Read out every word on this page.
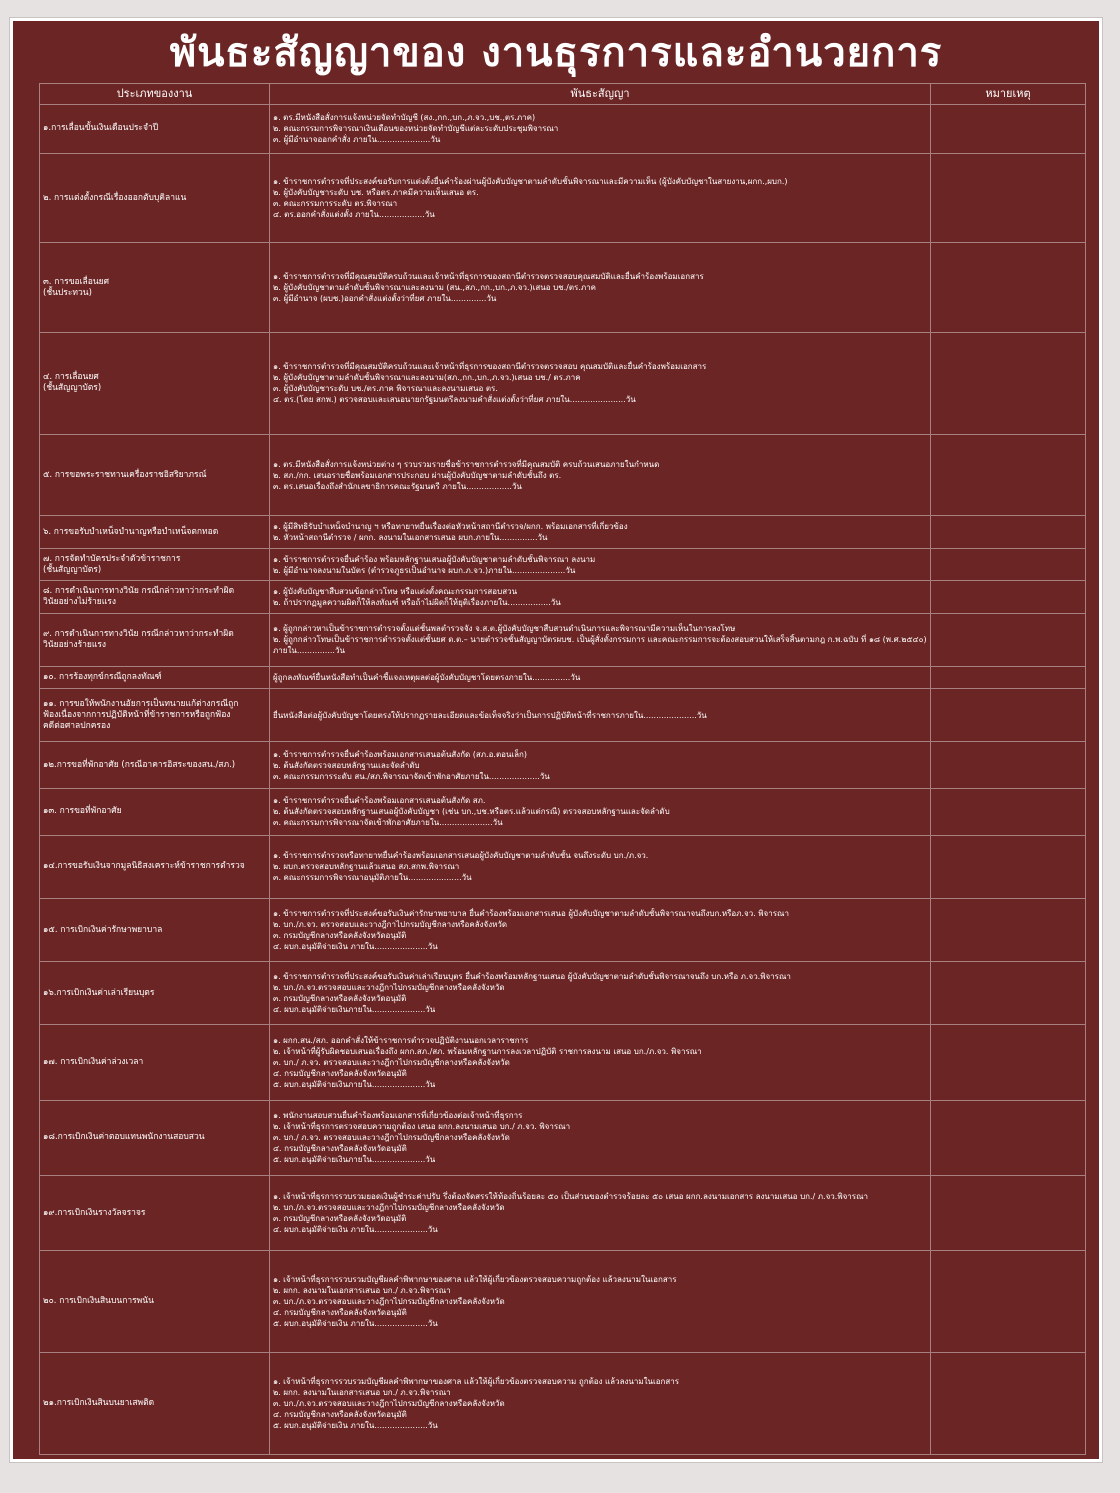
พันธะสัญญาของ งานธุรการและอำนวยการ
ประเภทของงาน	พันธะสัญญา	หมายเหตุ

๑.การเลื่อนขั้นเงินเดือนประจำปี	๑. ตร.มีหนังสือสั่งการแจ้งหน่วยจัดทำบัญชี (สง.,กก.,บก.,ภ.จว.,บช.,ตร.ภาค)
๒. คณะกรรมการพิจารณาเงินเดือนของหน่วยจัดทำบัญชีแต่ละระดับประชุมพิจารณา
๓. ผู้มีอำนาจออกคำสั่ง ภายใน.....................วัน	

๒. การแต่งตั้งกรณีเรื่องออกตับบุคิลาแน	๑. ข้าราชการตำรวจที่ประสงค์ขอรับการแต่งตั้งยื่นคำร้องผ่านผู้บังคับบัญชาตามลำดับชั้นพิจารณาและมีความเห็น (ผู้บังคับบัญชาในสายงาน,ผกก.,ผบก.)
๒. ผู้บังคับบัญชาระดับ บช. หรือตร.ภาคมีความเห็นเสนอ ตร.
๓. คณะกรรมการระดับ ตร.พิจารณา
๔. ตร.ออกคำสั่งแต่งตั้ง ภายใน..................วัน	

๓. การขอเลื่อนยศ
(ชั้นประทวน)	๑. ข้าราชการตำรวจที่มีคุณสมบัติครบถ้วนและเจ้าหน้าที่ธุรการของสถานีตำรวจตรวจสอบคุณสมบัติและยื่นคำร้องพร้อมเอกสาร
๒. ผู้บังคับบัญชาตามลำดับชั้นพิจารณาและลงนาม (สน.,สภ.,กก.,บก.,ภ.จว.)เสนอ บช./ตร.ภาค
๓. ผู้มีอำนาจ (ผบช.)ออกคำสั่งแต่งตั้งว่าที่ยศ ภายใน..............วัน	

๔. การเลื่อนยศ
(ชั้นสัญญาบัตร)	๑. ข้าราชการตำรวจที่มีคุณสมบัติครบถ้วนและเจ้าหน้าที่ธุรการของสถานีตำรวจตรวจสอบ คุณสมบัติและยื่นคำร้องพร้อมเอกสาร
๒. ผู้บังคับบัญชาตามลำดับชั้นพิจารณาและลงนาม(สภ.,กก.,บก.,ภ.จว.)เสนอ บช./ ตร.ภาค
๓. ผู้บังคับบัญชาระดับ บช./ตร.ภาค พิจารณาและลงนามเสนอ ตร.
๔. ตร.(โดย สกพ.) ตรวจสอบและเสนอนายกรัฐมนตรีลงนามคำสั่งแต่งตั้งว่าที่ยศ ภายใน......................วัน	

๕. การขอพระราชทานเครื่องราชอิสริยาภรณ์	๑. ตร.มีหนังสือสั่งการแจ้งหน่วยต่าง ๆ รวบรวมรายชื่อข้าราชการตำรวจที่มีคุณสมบัติ ครบถ้วนเสนอภายในกำหนด
๒. สภ./กก. เสนอรายชื่อพร้อมเอกสารประกอบ ผ่านผู้บังคับบัญชาตามลำดับชั้นถึง ตร.
๓. ตร.เสนอเรื่องถึงสำนักเลขาธิการคณะรัฐมนตรี ภายใน..................วัน	

๖. การขอรับบำเหน็จบำนาญหรือบำเหน็จตกทอด	๑. ผู้มีสิทธิรับบำเหน็จบำนาญ ฯ หรือทายาทยื่นเรื่องต่อหัวหน้าสถานีตำรวจ/ผกก. พร้อมเอกสารที่เกี่ยวข้อง
๒. หัวหน้าสถานีตำรวจ / ผกก. ลงนามในเอกสารเสนอ ผบก.ภายใน...............วัน	

๗. การจัดทำบัตรประจำตัวข้าราชการ
(ชั้นสัญญาบัตร)	๑. ข้าราชการตำรวจยื่นคำร้อง พร้อมหลักฐานเสนอผู้บังคับบัญชาตามลำดับชั้นพิจารณา ลงนาม
๒. ผู้มีอำนาจลงนามในบัตร (ตำรวจภูธรเป็นอำนาจ ผบก.ภ.จว.)ภายใน.....................วัน	

๘. การดำเนินการทางวินัย กรณีกล่าวหาว่ากระทำผิด
วินัยอย่างไม่ร้ายแรง	๑. ผู้บังคับบัญชาสืบสวนข้อกล่าวโทษ หรือแต่งตั้งคณะกรรมการสอบสวน
๒. ถ้าปรากฏมูลความผิดก็ให้ลงทัณฑ์ หรือถ้าไม่ผิดก็ให้ยุติเรื่องภายใน.................วัน	

๙. การดำเนินการทางวินัย กรณีกล่าวหาว่ากระทำผิด
วินัยอย่างร้ายแรง	๑. ผู้ถูกกล่าวหาเป็นข้าราชการตำรวจตั้งแต่ชั้นพลตำรวจจัง จ.ส.ต.ผู้บังคับบัญชาสืบสวนดำเนินการและพิจารณามีความเห็นในการลงโทษ
๒. ผู้ถูกกล่าวโทษเป็นข้าราชการตำรวจตั้งแต่ชั้นยศ ด.ต.– นายตำรวจชั้นสัญญาบัตรผบช. เป็นผู้สั่งตั้งกรรมการ และคณะกรรมการจะต้องสอบสวนให้เสร็จสิ้นตามกฎ ก.พ.ฉบับ ที่ ๑๘ (พ.ศ.๒๕๔๐) ภายใน...............วัน	

๑๐. การร้องทุกข์กรณีถูกลงทัณฑ์	ผู้ถูกลงทัณฑ์ยื่นหนังสือทำเป็นคำชี้แจงเหตุผลต่อผู้บังคับบัญชาโดยตรงภายใน...............วัน	

๑๑. การขอให้พนักงานอัยการเป็นทนายแก้ต่างกรณีถูก
ฟ้องเนื่องจากการปฏิบัติหน้าที่ข้าราชการหรือถูกฟ้อง
คดีต่อศาลปกครอง	ยื่นหนังสือต่อผู้บังคับบัญชาโดยตรงให้ปรากฏรายละเอียดและข้อเท็จจริงว่าเป็นการปฏิบัติหน้าที่ราชการภายใน.....................วัน	

๑๒.การขอที่พักอาศัย (กรณีอาคารอิสระของสน./สภ.)	๑. ข้าราชการตำรวจยื่นคำร้องพร้อมเอกสารเสนอต้นสังกัด (สภ.อ.ตอนเล็ก)
๒. ต้นสังกัดตรวจสอบหลักฐานและจัดลำดับ
๓. คณะกรรมการระดับ สน./สภ.พิจารณาจัดเข้าพักอาศัยภายใน....................วัน	

๑๓. การขอที่พักอาศัย	๑. ข้าราชการตำรวจยื่นคำร้องพร้อมเอกสารเสนอต้นสังกัด สภ.
๒. ต้นสังกัดตรวจสอบหลักฐานเสนอผู้บังคับบัญชา (เช่น บก.,บช.หรือตร.แล้วแต่กรณี) ตรวจสอบหลักฐานและจัดลำดับ
๓. คณะกรรมการพิจารณาจัดเข้าพักอาศัยภายใน.....................วัน	

๑๔.การขอรับเงินจากมูลนิธิสงเคราะห์ข้าราชการตำรวจ	๑. ข้าราชการตำรวจหรือทายาทยื่นคำร้องพร้อมเอกสารเสนอผู้บังคับบัญชาตามลำดับชั้น จนถึงระดับ บก./ภ.จว.
๒. ผบก.ตรวจสอบหลักฐานแล้วเสนอ สภ.สกพ.พิจารณา
๓. คณะกรรมการพิจารณาอนุมัติภายใน.....................วัน	

๑๕. การเบิกเงินค่ารักษาพยาบาล	๑. ข้าราชการตำรวจที่ประสงค์ขอรับเงินค่ารักษาพยาบาล ยื่นคำร้องพร้อมเอกสารเสนอ ผู้บังคับบัญชาตามลำดับชั้นพิจารณาจนถึงบก.หรือภ.จว. พิจารณา
๒. บก./ภ.จว. ตรวจสอบและวางฎีกาไปกรมบัญชีกลางหรือคลังจังหวัด
๓. กรมบัญชีกลางหรือคลังจังหวัดอนุมัติ
๔. ผบก.อนุมัติจ่ายเงิน ภายใน.....................วัน	

๑๖.การเบิกเงินค่าเล่าเรียนบุตร	๑. ข้าราชการตำรวจที่ประสงค์ขอรับเงินค่าเล่าเรียนบุตร ยื่นคำร้องพร้อมหลักฐานเสนอ ผู้บังคับบัญชาตามลำดับชั้นพิจารณาจนถึง บก.หรือ ภ.จว.พิจารณา
๒. บก./ภ.จว.ตรวจสอบและวางฎีกาไปกรมบัญชีกลางหรือคลังจังหวัด
๓. กรมบัญชีกลางหรือคลังจังหวัดอนุมัติ
๔. ผบก.อนุมัติจ่ายเงินภายใน.....................วัน	

๑๗. การเบิกเงินค่าล่วงเวลา	๑. ผกก.สน./สภ. ออกคำสั่งให้ข้าราชการตำรวจปฏิบัติงานนอกเวลาราชการ
๒. เจ้าหน้าที่ผู้รับผิดชอบเสนอเรื่องถึง ผกก.สภ./สภ. พร้อมหลักฐานการลงเวลาปฏิบัติ ราชการลงนาม เสนอ บก./ภ.จว. พิจารณา
๓. บก./ ภ.จว. ตรวจสอบและวางฎีกาไปกรมบัญชีกลางหรือคลังจังหวัด
๔. กรมบัญชีกลางหรือคลังจังหวัดอนุมัติ
๕. ผบก.อนุมัติจ่ายเงินภายใน.....................วัน	

๑๘.การเบิกเงินค่าตอบแทนพนักงานสอบสวน	๑. พนักงานสอบสวนยื่นคำร้องพร้อมเอกสารที่เกี่ยวข้องต่อเจ้าหน้าที่ธุรการ
๒. เจ้าหน้าที่ธุรการตรวจสอบความถูกต้อง เสนอ ผกก.ลงนามเสนอ บก./ ภ.จว. พิจารณา
๓. บก./ ภ.จว. ตรวจสอบและวางฎีกาไปกรมบัญชีกลางหรือคลังจังหวัด
๔. กรมบัญชีกลางหรือคลังจังหวัดอนุมัติ
๕. ผบก.อนุมัติจ่ายเงินภายใน.....................วัน	

๑๙.การเบิกเงินรางวัลจราจร	๑. เจ้าหน้าที่ธุรการรวบรวมยอดเงินผู้ชำระค่าปรับ รึ่งต้องจัดสรรให้ท้องถิ่นร้อยละ ๕๐ เป็นส่วนของตำรวจร้อยละ ๕๐ เสนอ ผกก.ลงนามเอกสาร ลงนามเสนอ บก./ ภ.จว.พิจารณา
๒. บก./ภ.จว.ตรวจสอบและวางฎีกาไปกรมบัญชีกลางหรือคลังจังหวัด
๓. กรมบัญชีกลางหรือคลังจังหวัดอนุมัติ
๔. ผบก.อนุมัติจ่ายเงิน ภายใน.....................วัน	

๒๐. การเบิกเงินสินบนการพนัน	๑. เจ้าหน้าที่ธุรการรวบรวมบัญชีผลคำพิพากษาของศาล แล้วให้ผู้เกี่ยวข้องตรวจสอบความถูกต้อง แล้วลงนามในเอกสาร
๒. ผกก. ลงนามในเอกสารเสนอ บก./ ภ.จว.พิจารณา
๓. บก./ภ.จว.ตรวจสอบและวางฎีกาไปกรมบัญชีกลางหรือคลังจังหวัด
๔. กรมบัญชีกลางหรือคลังจังหวัดอนุมัติ
๕. ผบก.อนุมัติจ่ายเงิน ภายใน.....................วัน	

๒๑.การเบิกเงินสินบนยาเสพติด	๑. เจ้าหน้าที่ธุรการรวบรวมบัญชีผลคำพิพากษาของศาล แล้วให้ผู้เกี่ยวข้องตรวจสอบความ ถูกต้อง แล้วลงนามในเอกสาร
๒. ผกก. ลงนามในเอกสารเสนอ บก./ ภ.จว.พิจารณา
๓. บก./ภ.จว.ตรวจสอบและวางฎีกาไปกรมบัญชีกลางหรือคลังจังหวัด
๔. กรมบัญชีกลางหรือคลังจังหวัดอนุมัติ
๕. ผบก.อนุมัติจ่ายเงิน ภายใน.....................วัน	
